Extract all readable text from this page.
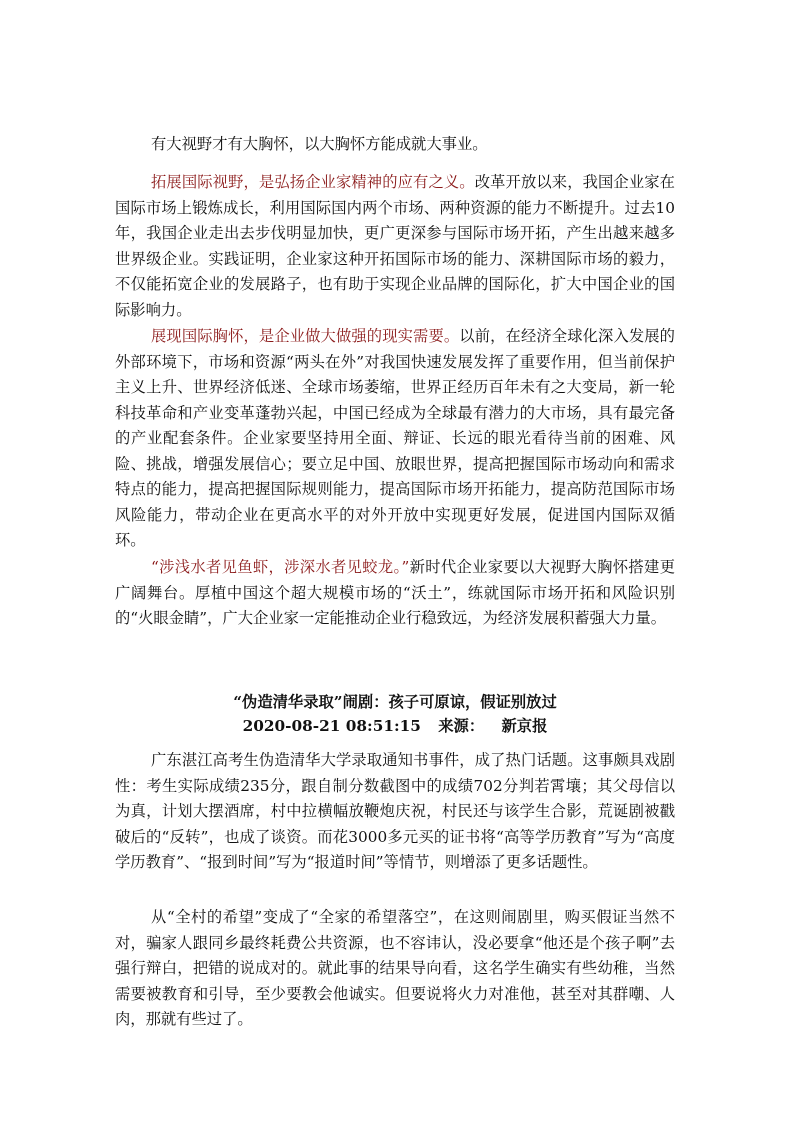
有大视野才有大胸怀，以大胸怀方能成就大事业。

拓展国际视野，是弘扬企业家精神的应有之义。改革开放以来，我国企业家在国际市场上锻炼成长，利用国际国内两个市场、两种资源的能力不断提升。过去10年，我国企业走出去步伐明显加快，更广更深参与国际市场开拓，产生出越来越多世界级企业。实践证明，企业家这种开拓国际市场的能力、深耕国际市场的毅力，不仅能拓宽企业的发展路子，也有助于实现企业品牌的国际化，扩大中国企业的国际影响力。

展现国际胸怀，是企业做大做强的现实需要。以前，在经济全球化深入发展的外部环境下，市场和资源“两头在外”对我国快速发展发挥了重要作用，但当前保护主义上升、世界经济低迷、全球市场萎缩，世界正经历百年未有之大变局，新一轮科技革命和产业变革蓬勃兴起，中国已经成为全球最有潜力的大市场，具有最完备的产业配套条件。企业家要坚持用全面、辩证、长远的眼光看待当前的困难、风险、挑战，增强发展信心；要立足中国、放眼世界，提高把握国际市场动向和需求特点的能力，提高把握国际规则能力，提高国际市场开拓能力，提高防范国际市场风险能力，带动企业在更高水平的对外开放中实现更好发展，促进国内国际双循环。

“涉浅水者见鱼虾，涉深水者见蛟龙。”新时代企业家要以大视野大胸怀搭建更广阔舞台。厚植中国这个超大规模市场的“沃土”，练就国际市场开拓和风险识别的“火眼金睛”，广大企业家一定能推动企业行稳致远，为经济发展积蓄强大力量。

“伪造清华录取”闹剧：孩子可原谅，假证别放过
2020-08-21 08:51:15 来源： 新京报

广东湛江高考生伪造清华大学录取通知书事件，成了热门话题。这事颇具戏剧性：考生实际成绩235分，跟自制分数截图中的成绩702分判若霄壤；其父母信以为真，计划大摆酒席，村中拉横幅放鞭炮庆祝，村民还与该学生合影，荒诞剧被戳破后的“反转”，也成了谈资。而花3000多元买的证书将“高等学历教育”写为“高度学历教育”、“报到时间”写为“报道时间”等情节，则增添了更多话题性。

从“全村的希望”变成了“全家的希望落空”，在这则闹剧里，购买假证当然不对，骗家人跟同乡最终耗费公共资源，也不容讳认，没必要拿“他还是个孩子啊”去强行辩白，把错的说成对的。就此事的结果导向看，这名学生确实有些幼稚，当然需要被教育和引导，至少要教会他诚实。但要说将火力对准他，甚至对其群嘲、人肉，那就有些过了。
